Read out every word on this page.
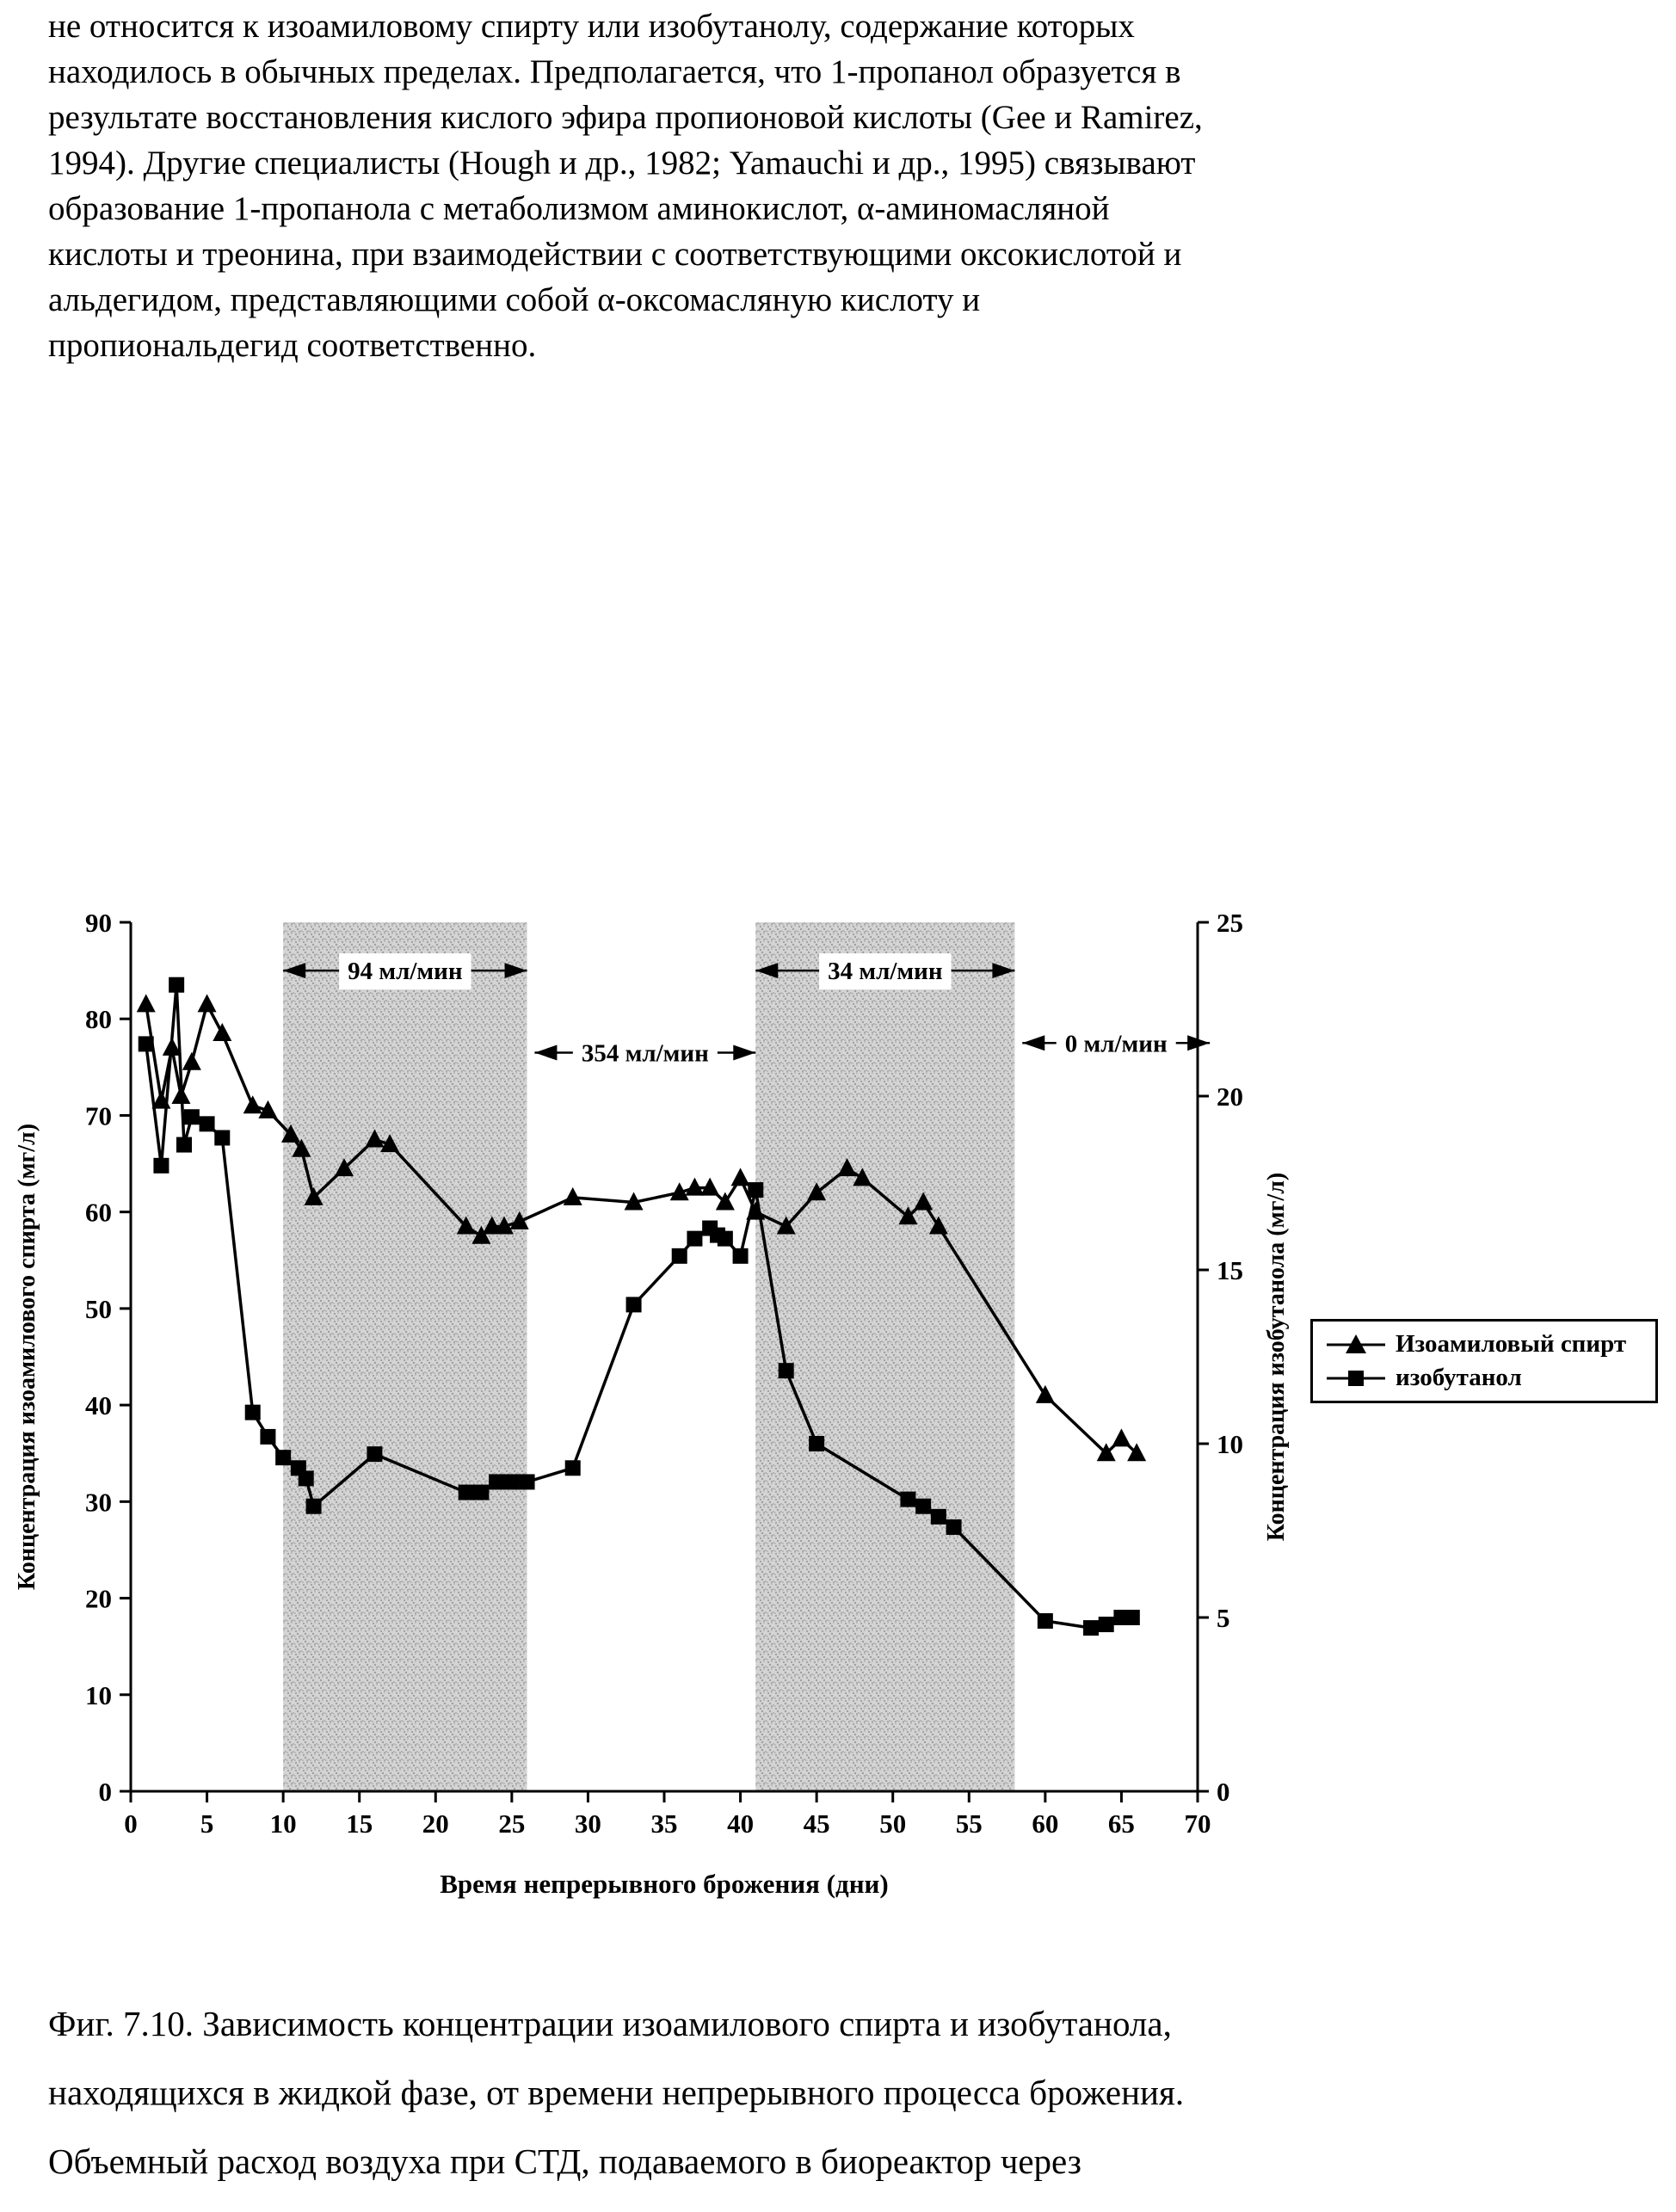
не относится к изоамиловому спирту или изобутанолу, содержание которых
находилось в обычных пределах. Предполагается, что 1-пропанол образуется в
результате восстановления кислого эфира пропионовой кислоты (Gee и Ramirez,
1994). Другие специалисты (Hough и др., 1982; Yamauchi и др., 1995) связывают
образование 1-пропанола с метаболизмом аминокислот, α-аминомасляной
кислоты и треонина, при взаимодействии с соответствующими оксокислотой и
альдегидом, представляющими собой α-оксомасляную кислоту и
пропиональдегид соответственно.
94 мл/мин
354 мл/мин
34 мл/мин
0 мл/мин
0
10
20
30
40
50
60
70
80
90
0
5
10
15
20
25
0 5 10 15 20 25 30 35 40 45 50 55 60 65 70
Концентрация изоамилового спирта (мг/л)	Концентрация изобутанола (мг/л)
Время непрерывного брожения (дни)
Изоамиловый спирт
изобутанол
Фиг. 7.10. Зависимость концентрации изоамилового спирта и изобутанола,
находящихся в жидкой фазе, от времени непрерывного процесса брожения.
Объемный расход воздуха при СТД, подаваемого в биореактор через
